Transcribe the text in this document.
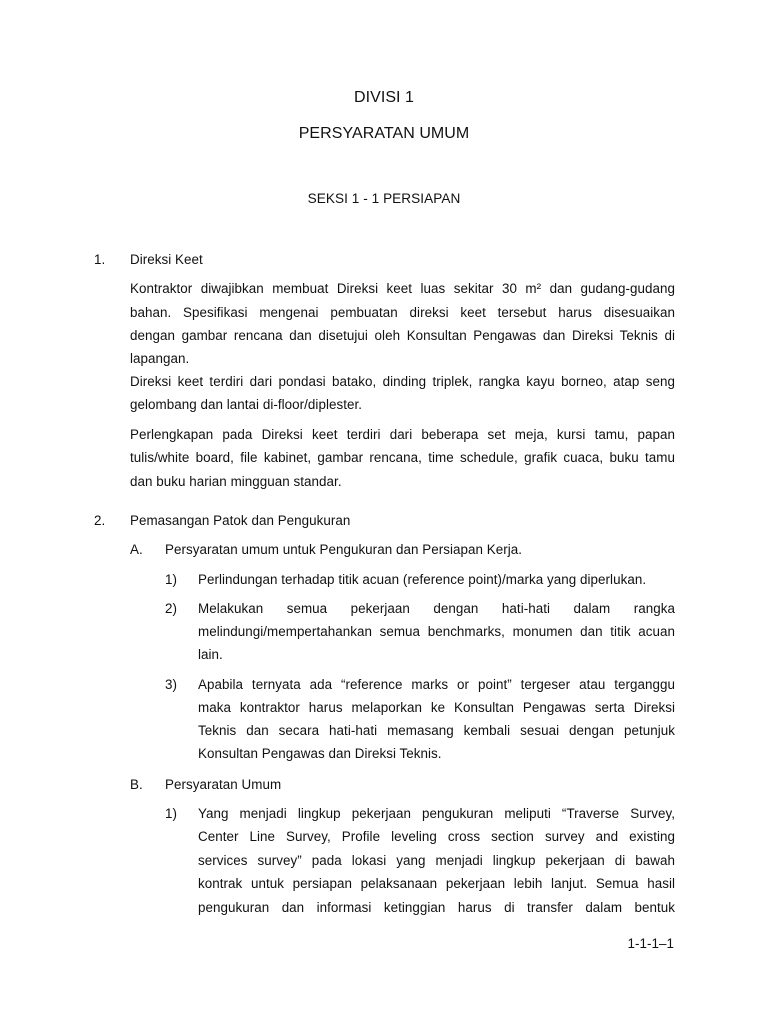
DIVISI 1
PERSYARATAN UMUM
SEKSI 1 - 1 PERSIAPAN
1. Direksi Keet
Kontraktor diwajibkan membuat Direksi keet luas sekitar 30 m² dan gudang-gudang
bahan. Spesifikasi mengenai pembuatan direksi keet tersebut harus disesuaikan
dengan gambar rencana dan disetujui oleh Konsultan Pengawas dan Direksi Teknis di
lapangan.
Direksi keet terdiri dari pondasi batako, dinding triplek, rangka kayu borneo, atap seng
gelombang dan lantai di-floor/diplester.
Perlengkapan pada Direksi keet terdiri dari beberapa set meja, kursi tamu, papan
tulis/white board, file kabinet, gambar rencana, time schedule, grafik cuaca, buku tamu
dan buku harian mingguan standar.
2. Pemasangan Patok dan Pengukuran
A. Persyaratan umum untuk Pengukuran dan Persiapan Kerja.
1) Perlindungan terhadap titik acuan (reference point)/marka yang diperlukan.
2) Melakukan semua pekerjaan dengan hati-hati dalam rangka
melindungi/mempertahankan semua benchmarks, monumen dan titik acuan
lain.
3) Apabila ternyata ada “reference marks or point” tergeser atau terganggu
maka kontraktor harus melaporkan ke Konsultan Pengawas serta Direksi
Teknis dan secara hati-hati memasang kembali sesuai dengan petunjuk
Konsultan Pengawas dan Direksi Teknis.
B. Persyaratan Umum
1) Yang menjadi lingkup pekerjaan pengukuran meliputi “Traverse Survey,
Center Line Survey, Profile leveling cross section survey and existing
services survey” pada lokasi yang menjadi lingkup pekerjaan di bawah
kontrak untuk persiapan pelaksanaan pekerjaan lebih lanjut. Semua hasil
pengukuran dan informasi ketinggian harus di transfer dalam bentuk
1-1-1–1
